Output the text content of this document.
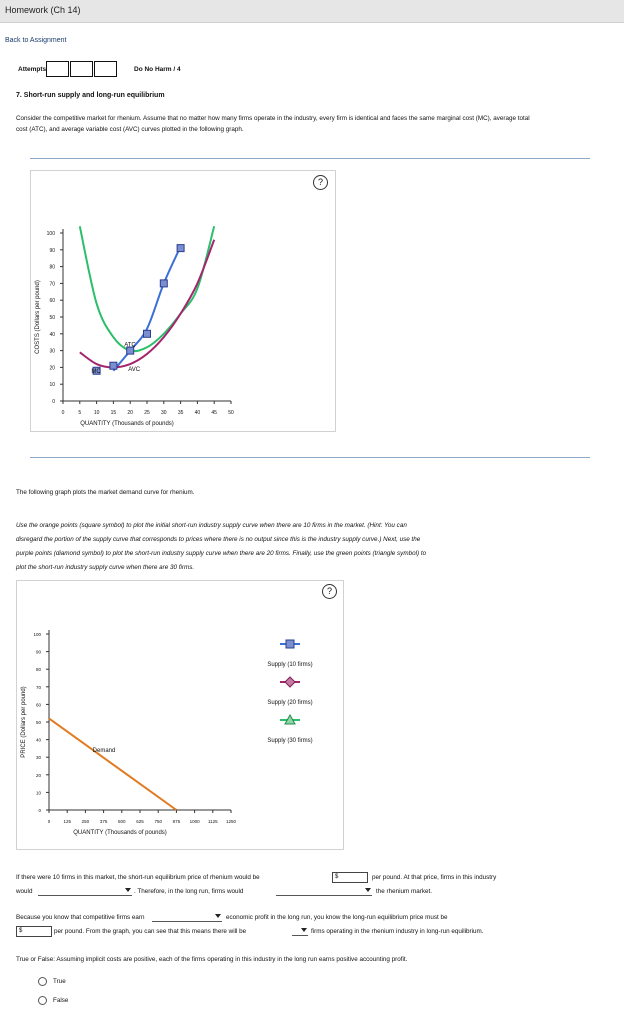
Homework (Ch 14)
Back to Assignment
Attempts	Do No Harm / 4
7. Short-run supply and long-run equilibrium
Consider the competitive market for rhenium. Assume that no matter how many firms operate in the industry, every firm is identical and faces the same marginal cost (MC), average total cost (ATC), and average variable cost (AVC) curves plotted in the following graph.
?
0
10
20
30
40
50
60
70
80
90
100
0	5	10 15 20 25 30 35 40 45 50
QUANTITY (Thousands of pounds)
COSTS (Dollars per pound)
MC
ATC
AVC
The following graph plots the market demand curve for rhenium.
Use the orange points (square symbol) to plot the initial short-run industry supply curve when there are 10 firms in the market. (Hint: You can
disregard the portion of the supply curve that corresponds to prices where there is no output since this is the industry supply curve.) Next, use the
purple points (diamond symbol) to plot the short-run industry supply curve when there are 20 firms. Finally, use the green points (triangle symbol) to
plot the short-run industry supply curve when there are 30 firms.
?
0
10
20
30
40
50
60
70
80
90
100
0	125 250 375 500 625 750 875 1000 1125 1250
QUANTITY (Thousands of pounds)
PRICE (Dollars per pound)	Demand
Supply (10 firms)
Supply (20 firms)
Supply (30 firms)
If there were 10 firms in this market, the short-run equilibrium price of rhenium would be	$	per pound. At that price, firms in this industry
would	. Therefore, in the long run, firms would	the rhenium market.
Because you know that competitive firms earn	economic profit in the long run, you know the long-run equilibrium price must be
$	per pound. From the graph, you can see that this means there will be	firms operating in the rhenium industry in long-run equilibrium.
True or False: Assuming implicit costs are positive, each of the firms operating in this industry in the long run earns positive accounting profit.
True
False
